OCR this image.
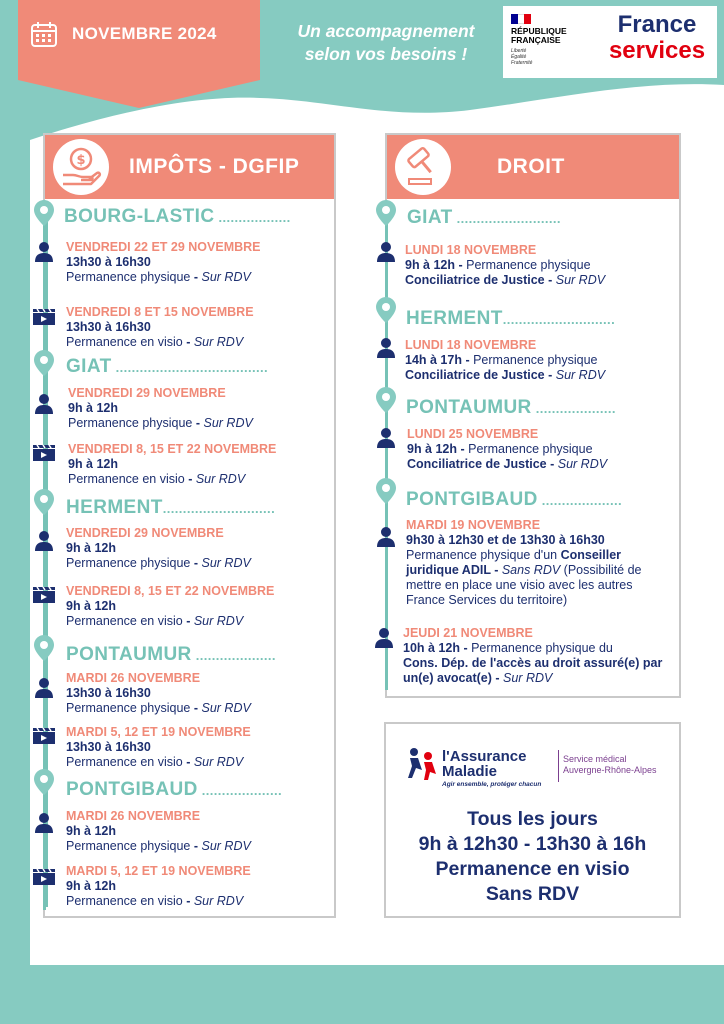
NOVEMBRE 2024	Un accompagnement
selon vos besoins !
RÉPUBLIQUE
FRANÇAISE
Liberté
Égalité
Fraternité
France
services
$ IMPÔTS - DGFIP	DROIT
BOURG-LASTIC ..................
VENDREDI 22 ET 29 NOVEMBRE
13h30 à 16h30
Permanence physique - Sur RDV
VENDREDI 8 ET 15 NOVEMBRE
13h30 à 16h30
Permanence en visio - Sur RDV
GIAT ......................................
VENDREDI 29 NOVEMBRE
9h à 12h
Permanence physique - Sur RDV
VENDREDI 8, 15 ET 22 NOVEMBRE
9h à 12h
Permanence en visio - Sur RDV
HERMENT............................
VENDREDI 29 NOVEMBRE
9h à 12h
Permanence physique - Sur RDV
VENDREDI 8, 15 ET 22 NOVEMBRE
9h à 12h
Permanence en visio - Sur RDV
PONTAUMUR ....................
MARDI 26 NOVEMBRE
13h30 à 16h30
Permanence physique - Sur RDV
MARDI 5, 12 ET 19 NOVEMBRE
13h30 à 16h30
Permanence en visio - Sur RDV
PONTGIBAUD ....................
MARDI 26 NOVEMBRE
9h à 12h
Permanence physique - Sur RDV
MARDI 5, 12 ET 19 NOVEMBRE
9h à 12h
Permanence en visio - Sur RDV
GIAT ..........................
LUNDI 18 NOVEMBRE
9h à 12h - Permanence physique
Conciliatrice de Justice - Sur RDV
HERMENT............................
LUNDI 18 NOVEMBRE
14h à 17h - Permanence physique
Conciliatrice de Justice - Sur RDV
PONTAUMUR ....................
LUNDI 25 NOVEMBRE
9h à 12h - Permanence physique
Conciliatrice de Justice - Sur RDV
PONTGIBAUD ....................
MARDI 19 NOVEMBRE
9h30 à 12h30 et de 13h30 à 16h30
Permanence physique d'un Conseiller juridique ADIL - Sans RDV (Possibilité de mettre en place une visio avec les autres France Services du territoire)
JEUDI 21 NOVEMBRE
10h à 12h - Permanence physique du
Cons. Dép. de l'accès au droit assuré(e) par un(e) avocat(e) - Sur RDV
l'Assurance
Maladie
Agir ensemble, protéger chacun
Service médical
Auvergne-Rhône-Alpes
Tous les jours
9h à 12h30 - 13h30 à 16h
Permanence en visio
Sans RDV
